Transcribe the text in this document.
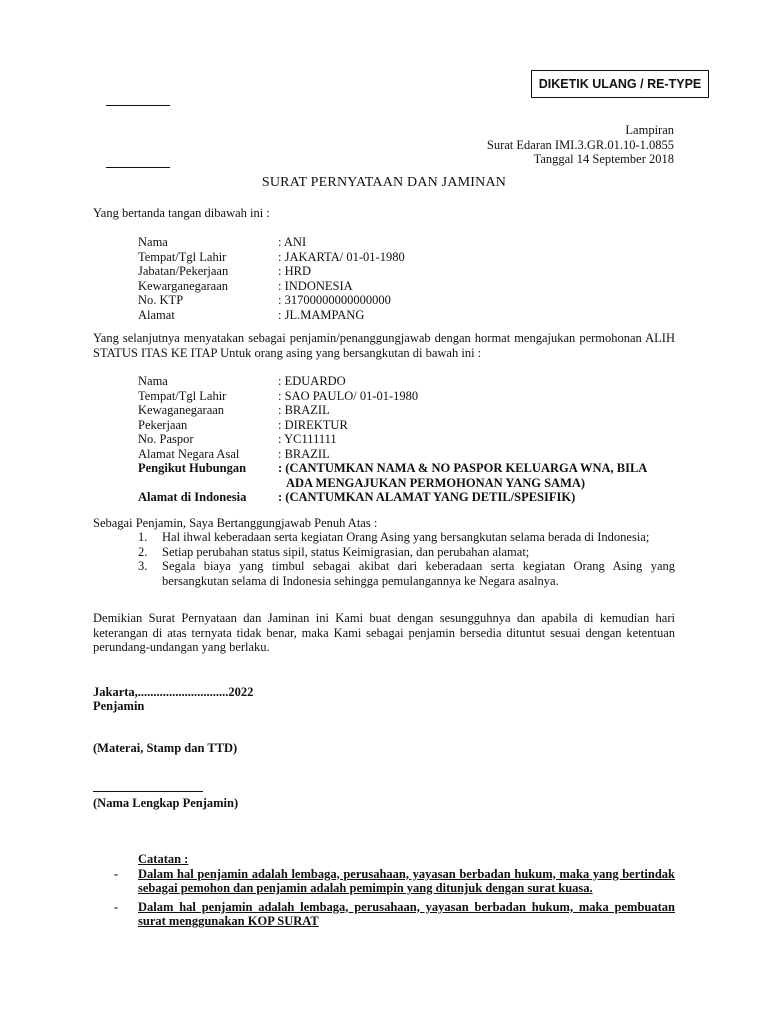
DIKETIK ULANG / RE-TYPE
Lampiran
Surat Edaran IMI.3.GR.01.10-1.0855
Tanggal 14 September 2018
SURAT PERNYATAAN DAN JAMINAN
Yang bertanda tangan dibawah ini :
Nama	: ANI
Tempat/Tgl Lahir	: JAKARTA/ 01-01-1980
Jabatan/Pekerjaan	: HRD
Kewarganegaraan	: INDONESIA
No. KTP	: 31700000000000000
Alamat	: JL.MAMPANG
Yang selanjutnya menyatakan sebagai penjamin/penanggungjawab dengan hormat mengajukan permohonan ALIH STATUS ITAS KE ITAP Untuk orang asing yang bersangkutan di bawah ini :
Nama	: EDUARDO
Tempat/Tgl Lahir	: SAO PAULO/ 01-01-1980
Kewaganegaraan	: BRAZIL
Pekerjaan	: DIREKTUR
No. Paspor	: YC111111
Alamat Negara Asal	: BRAZIL
Pengikut Hubungan	: (CANTUMKAN NAMA & NO PASPOR KELUARGA WNA, BILA
ADA MENGAJUKAN PERMOHONAN YANG SAMA)
Alamat di Indonesia	: (CANTUMKAN ALAMAT YANG DETIL/SPESIFIK)
Sebagai Penjamin, Saya Bertanggungjawab Penuh Atas :
1.	Hal ihwal keberadaan serta kegiatan Orang Asing yang bersangkutan selama berada di Indonesia;
2.	Setiap perubahan status sipil, status Keimigrasian, dan perubahan alamat;
3.	Segala biaya yang timbul sebagai akibat dari keberadaan serta kegiatan Orang Asing yang bersangkutan selama di Indonesia sehingga pemulangannya ke Negara asalnya.
Demikian Surat Pernyataan dan Jaminan ini Kami buat dengan sesungguhnya dan apabila di kemudian hari keterangan di atas ternyata tidak benar, maka Kami sebagai penjamin bersedia dituntut sesuai dengan ketentuan perundang-undangan yang berlaku.
Jakarta,.............................2022
Penjamin
(Materai, Stamp dan TTD)
(Nama Lengkap Penjamin)
Catatan :
-	Dalam hal penjamin adalah lembaga, perusahaan, yayasan berbadan hukum, maka yang bertindak sebagai pemohon dan penjamin adalah pemimpin yang ditunjuk dengan surat kuasa.
-	Dalam hal penjamin adalah lembaga, perusahaan, yayasan berbadan hukum, maka pembuatan surat menggunakan KOP SURAT
